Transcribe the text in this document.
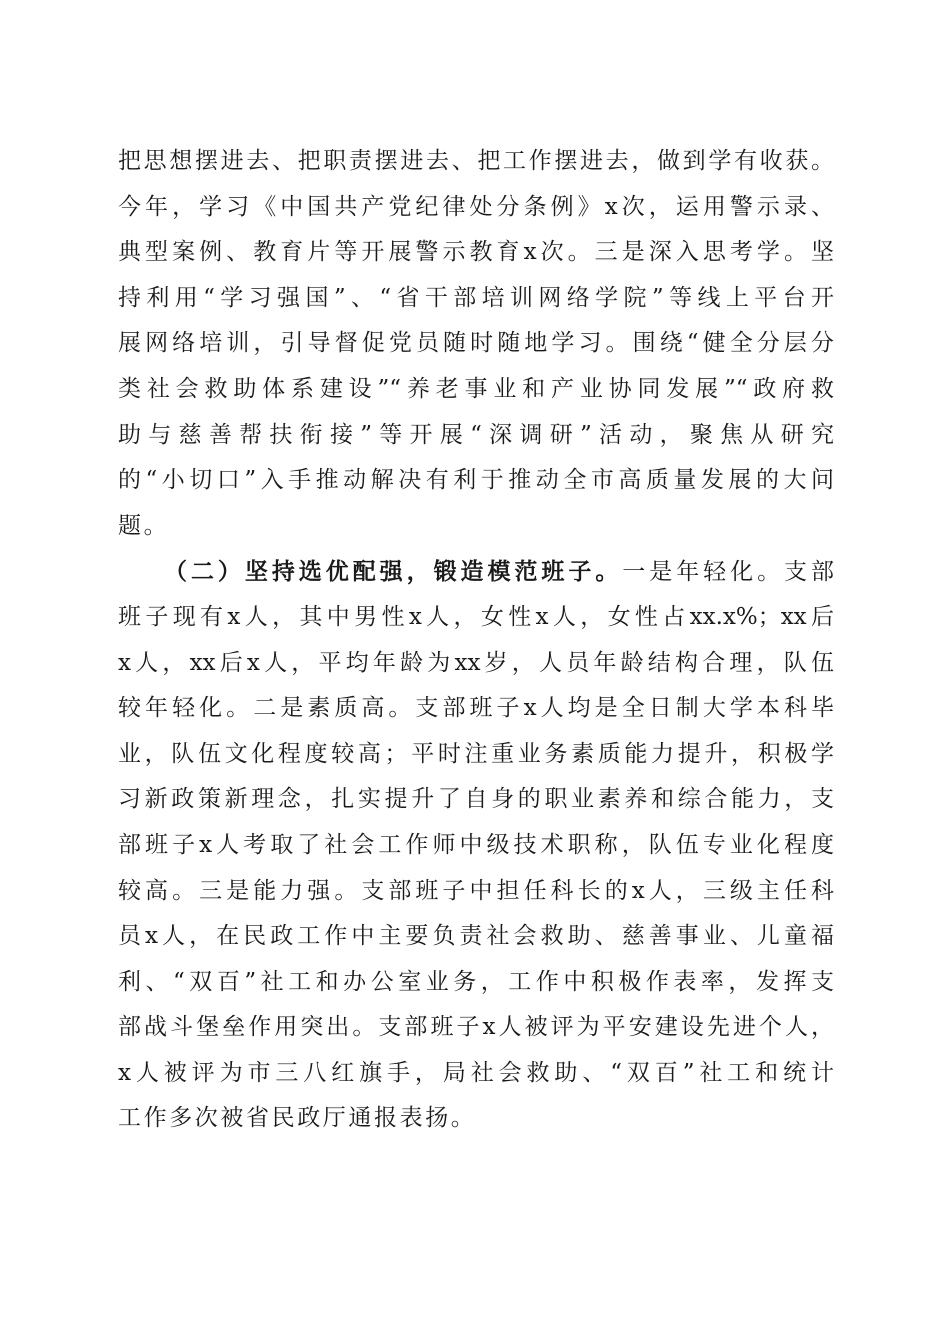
把思想摆进去、把职责摆进去、把工作摆进去，做到学有收获。
今年，学习《中国共产党纪律处分条例》x次，运用警示录、
典型案例、教育片等开展警示教育x次。三是深入思考学。坚
持利用“学习强国”、“省干部培训网络学院”等线上平台开
展网络培训，引导督促党员随时随地学习。围绕“健全分层分
类社会救助体系建设”“养老事业和产业协同发展”“政府救
助与慈善帮扶衔接”等开展“深调研”活动，聚焦从研究
的“小切口”入手推动解决有利于推动全市高质量发展的大问
题。
（二）坚持选优配强，锻造模范班子。一是年轻化。支部
班子现有x人，其中男性x人，女性x人，女性占xx.x%；xx后
x人，xx后x人，平均年龄为xx岁，人员年龄结构合理，队伍
较年轻化。二是素质高。支部班子x人均是全日制大学本科毕
业，队伍文化程度较高；平时注重业务素质能力提升，积极学
习新政策新理念，扎实提升了自身的职业素养和综合能力，支
部班子x人考取了社会工作师中级技术职称，队伍专业化程度
较高。三是能力强。支部班子中担任科长的x人，三级主任科
员x人，在民政工作中主要负责社会救助、慈善事业、儿童福
利、“双百”社工和办公室业务，工作中积极作表率，发挥支
部战斗堡垒作用突出。支部班子x人被评为平安建设先进个人，
x人被评为市三八红旗手，局社会救助、“双百”社工和统计
工作多次被省民政厅通报表扬。
